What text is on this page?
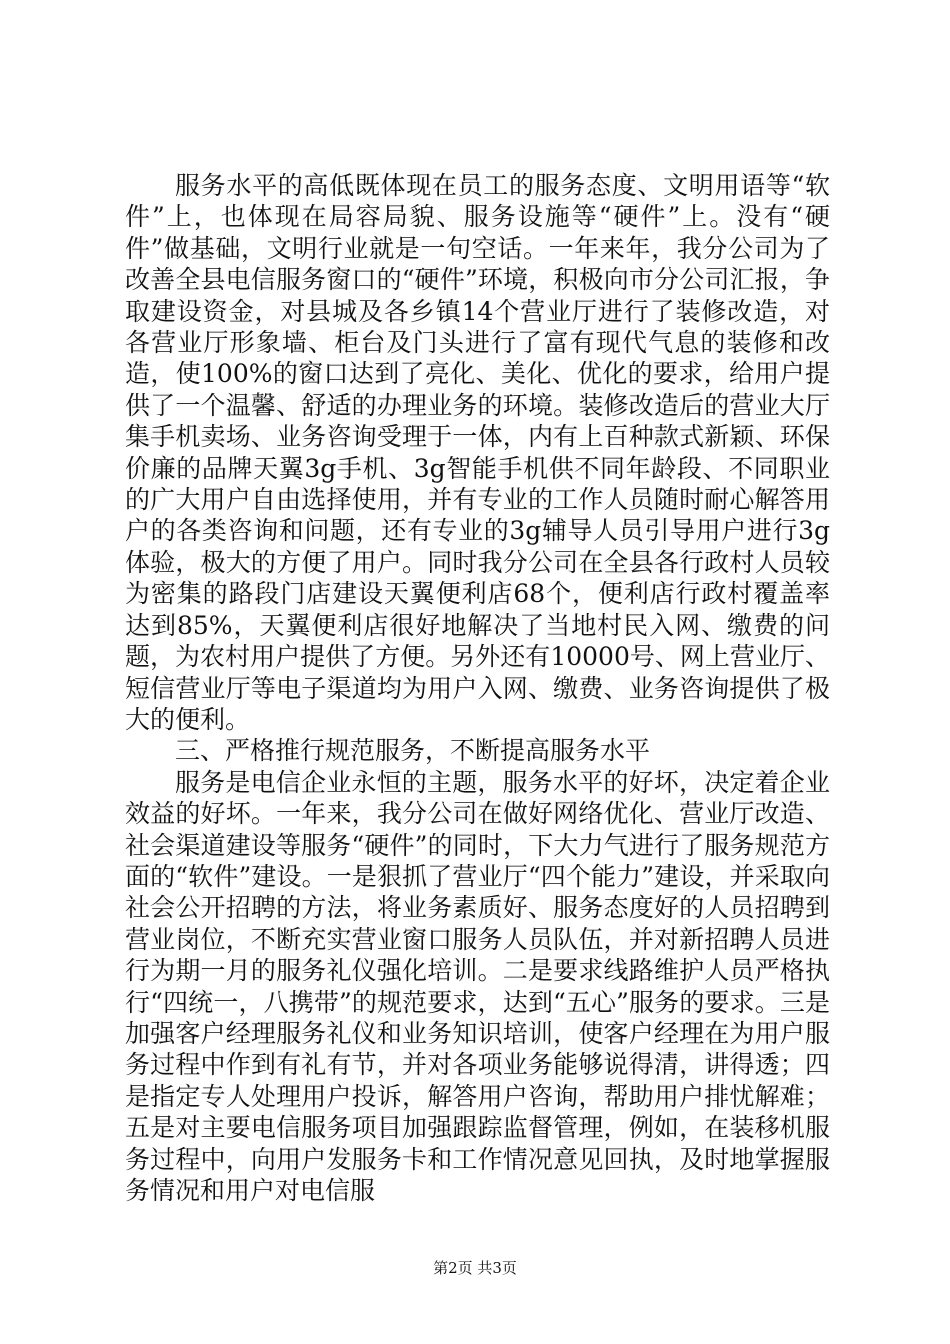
服务水平的高低既体现在员工的服务态度、文明用语等“软件”上，也体现在局容局貌、服务设施等“硬件”上。没有“硬件”做基础，文明行业就是一句空话。一年来年，我分公司为了改善全县电信服务窗口的“硬件”环境，积极向市分公司汇报，争取建设资金，对县城及各乡镇14个营业厅进行了装修改造，对各营业厅形象墙、柜台及门头进行了富有现代气息的装修和改造，使100%的窗口达到了亮化、美化、优化的要求，给用户提供了一个温馨、舒适的办理业务的环境。装修改造后的营业大厅集手机卖场、业务咨询受理于一体，内有上百种款式新颖、环保价廉的品牌天翼3g手机、3g智能手机供不同年龄段、不同职业的广大用户自由选择使用，并有专业的工作人员随时耐心解答用户的各类咨询和问题，还有专业的3g辅导人员引导用户进行3g体验，极大的方便了用户。同时我分公司在全县各行政村人员较为密集的路段门店建设天翼便利店68个，便利店行政村覆盖率达到85%，天翼便利店很好地解决了当地村民入网、缴费的问题，为农村用户提供了方便。另外还有10000号、网上营业厅、短信营业厅等电子渠道均为用户入网、缴费、业务咨询提供了极大的便利。

三、严格推行规范服务，不断提高服务水平

服务是电信企业永恒的主题，服务水平的好坏，决定着企业效益的好坏。一年来，我分公司在做好网络优化、营业厅改造、社会渠道建设等服务“硬件”的同时，下大力气进行了服务规范方面的“软件”建设。一是狠抓了营业厅“四个能力”建设，并采取向社会公开招聘的方法，将业务素质好、服务态度好的人员招聘到营业岗位，不断充实营业窗口服务人员队伍，并对新招聘人员进行为期一月的服务礼仪强化培训。二是要求线路维护人员严格执行“四统一，八携带”的规范要求，达到“五心”服务的要求。三是加强客户经理服务礼仪和业务知识培训，使客户经理在为用户服务过程中作到有礼有节，并对各项业务能够说得清，讲得透；四是指定专人处理用户投诉，解答用户咨询，帮助用户排忧解难；五是对主要电信服务项目加强跟踪监督管理，例如，在装移机服务过程中，向用户发服务卡和工作情况意见回执，及时地掌握服务情况和用户对电信服

第2页 共3页
